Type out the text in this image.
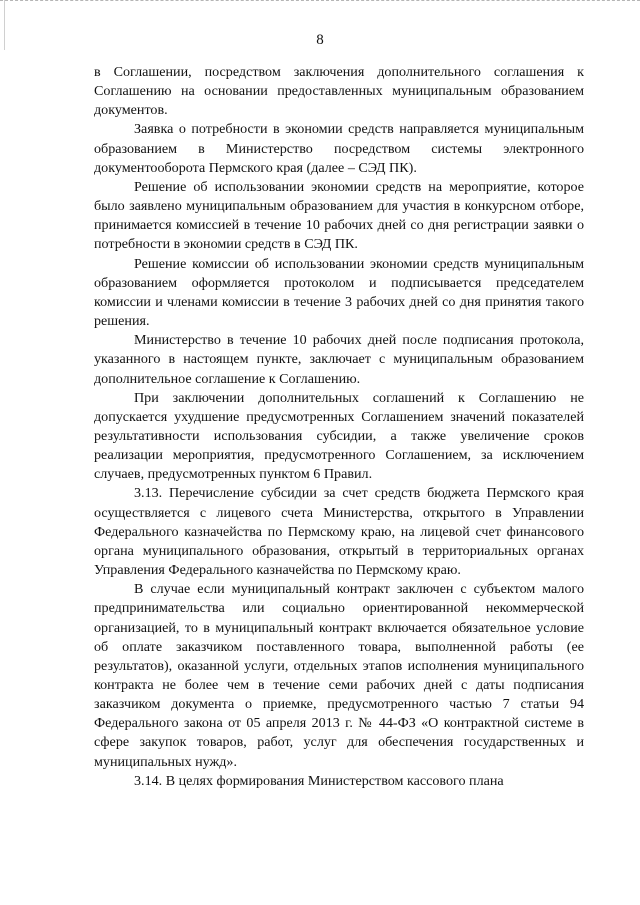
8

в Соглашении, посредством заключения дополнительного соглашения к Соглашению на основании предоставленных муниципальным образованием документов.

Заявка о потребности в экономии средств направляется муниципальным образованием в Министерство посредством системы электронного документооборота Пермского края (далее – СЭД ПК).

Решение об использовании экономии средств на мероприятие, которое было заявлено муниципальным образованием для участия в конкурсном отборе, принимается комиссией в течение 10 рабочих дней со дня регистрации заявки о потребности в экономии средств в СЭД ПК.

Решение комиссии об использовании экономии средств муниципальным образованием оформляется протоколом и подписывается председателем комиссии и членами комиссии в течение 3 рабочих дней со дня принятия такого решения.

Министерство в течение 10 рабочих дней после подписания протокола, указанного в настоящем пункте, заключает с муниципальным образованием дополнительное соглашение к Соглашению.

При заключении дополнительных соглашений к Соглашению не допускается ухудшение предусмотренных Соглашением значений показателей результативности использования субсидии, а также увеличение сроков реализации мероприятия, предусмотренного Соглашением, за исключением случаев, предусмотренных пунктом 6 Правил.

3.13. Перечисление субсидии за счет средств бюджета Пермского края осуществляется с лицевого счета Министерства, открытого в Управлении Федерального казначейства по Пермскому краю, на лицевой счет финансового органа муниципального образования, открытый в территориальных органах Управления Федерального казначейства по Пермскому краю.

В случае если муниципальный контракт заключен с субъектом малого предпринимательства или социально ориентированной некоммерческой организацией, то в муниципальный контракт включается обязательное условие об оплате заказчиком поставленного товара, выполненной работы (ее результатов), оказанной услуги, отдельных этапов исполнения муниципального контракта не более чем в течение семи рабочих дней с даты подписания заказчиком документа о приемке, предусмотренного частью 7 статьи 94 Федерального закона от 05 апреля 2013 г. № 44-ФЗ «О контрактной системе в сфере закупок товаров, работ, услуг для обеспечения государственных и муниципальных нужд».

3.14. В целях формирования Министерством кассового плана
